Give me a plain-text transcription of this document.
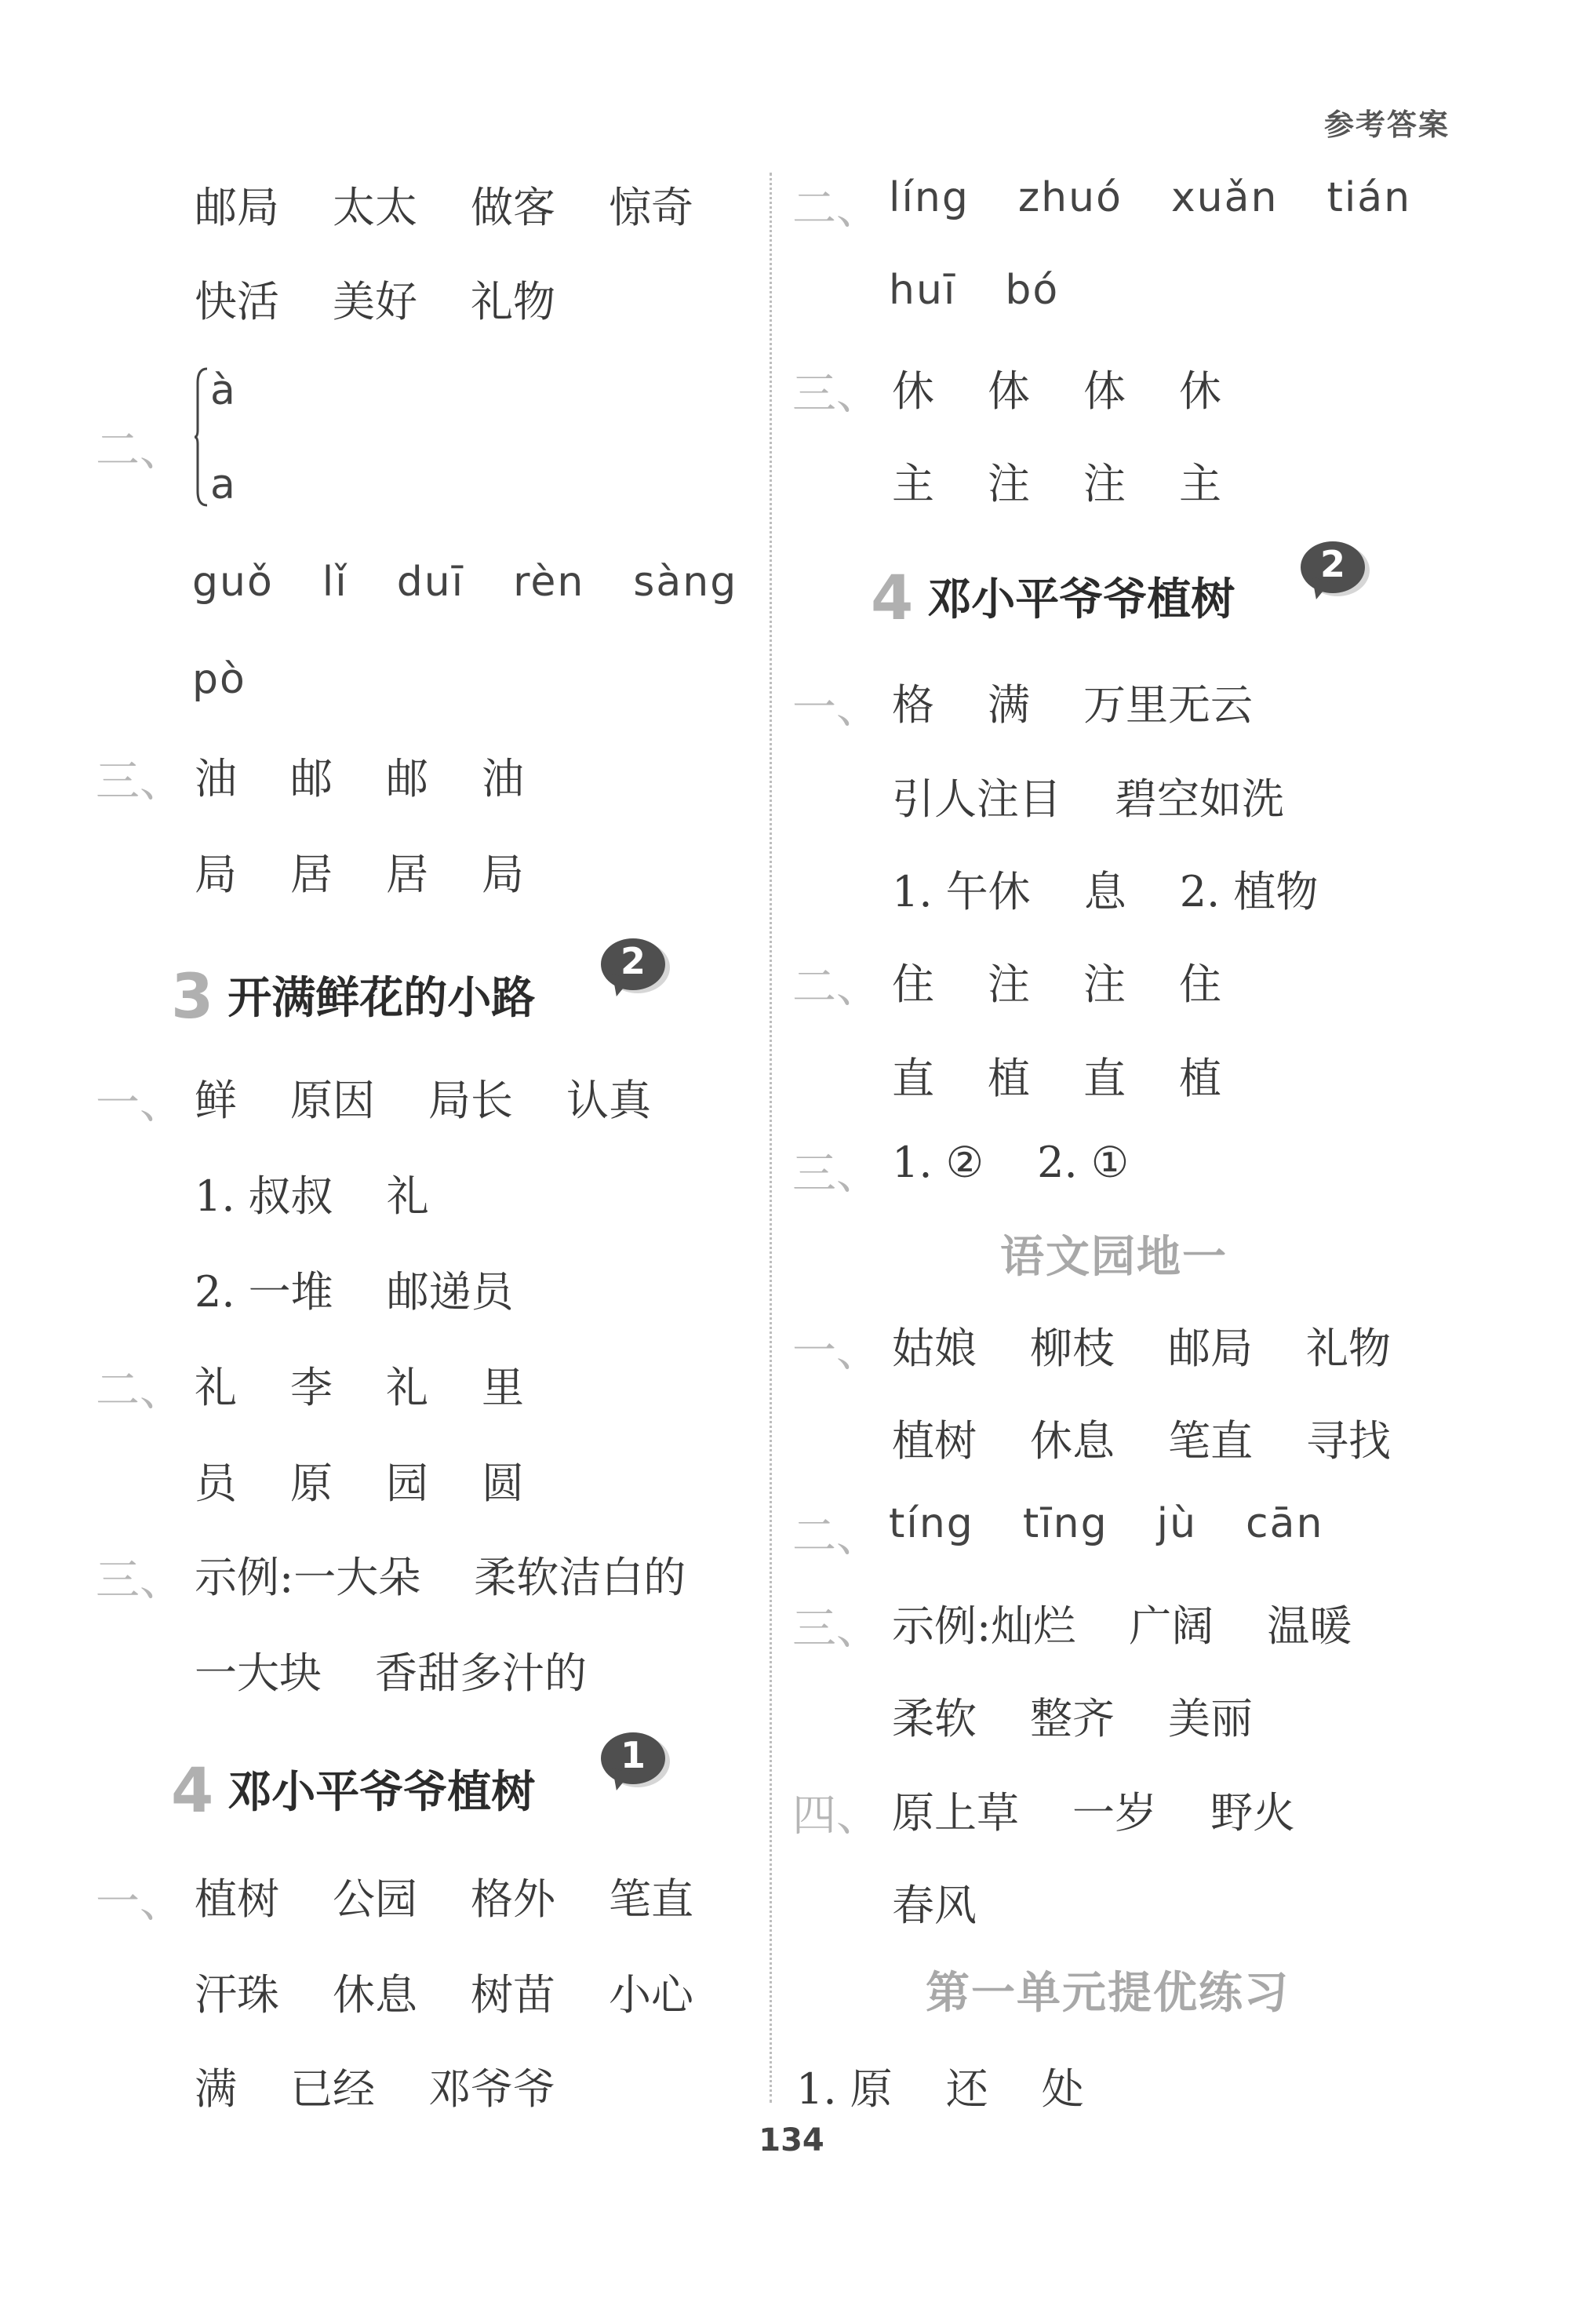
参考答案
邮局 太太 做客 惊奇
快活 美好 礼物
二、
à
a
guǒ lǐ duī rèn sàng
pò
三、 油 邮 邮 油
局 居 居 局
3 开满鲜花的小路
2
一、 鲜 原因 局长 认真
1. 叔叔 礼
2. 一堆 邮递员
二、 礼 李 礼 里
员 原 园 圆
三、 示例:一大朵 柔软洁白的
一大块 香甜多汁的
4 邓小平爷爷植树
1
一、 植树 公园 格外 笔直
汗珠 休息 树苗 小心
满 已经 邓爷爷
二、 líng zhuó xuǎn tián
huī bó
三、 休 体 体 休
主 注 注 主
4 邓小平爷爷植树
2
一、 格 满 万里无云
引人注目 碧空如洗
1. 午休 息 2. 植物
二、 住 注 注 住
直 植 直 植
三、 1. ② 2. ①
语文园地一
一、 姑娘 柳枝 邮局 礼物
植树 休息 笔直 寻找
二、 tíng tīng jù cān
三、 示例:灿烂 广阔 温暖
柔软 整齐 美丽
四、 原上草 一岁 野火
春风
第一单元提优练习
1. 原 还 处
134
